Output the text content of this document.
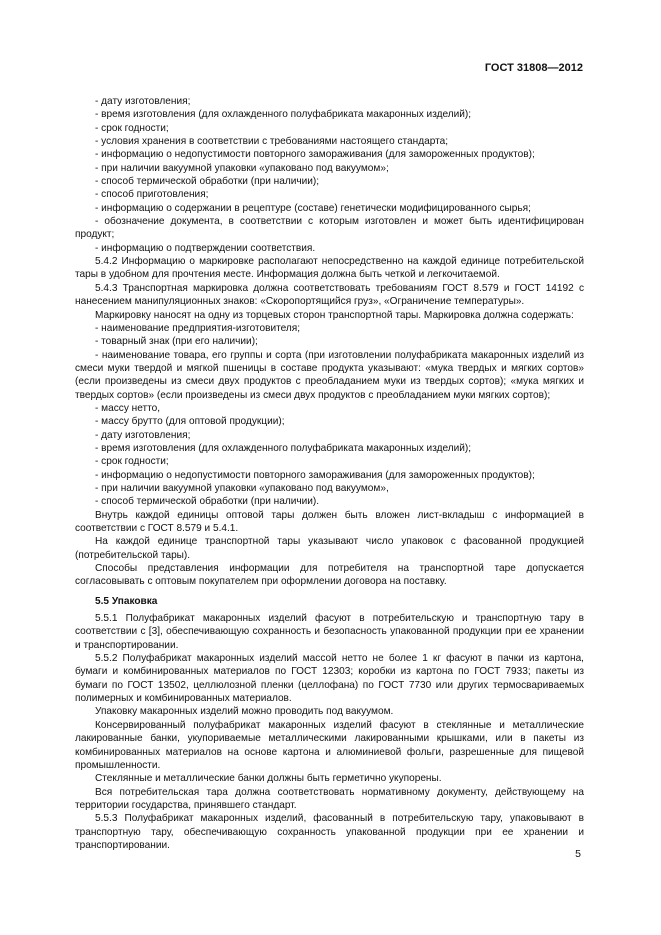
ГОСТ 31808—2012

- дату изготовления;

- время изготовления (для охлажденного полуфабриката макаронных изделий);

- срок годности;

- условия хранения в соответствии с требованиями настоящего стандарта;

- информацию о недопустимости повторного замораживания (для замороженных продуктов);

- при наличии вакуумной упаковки «упаковано под вакуумом»;

- способ термической обработки (при наличии);

- способ приготовления;

- информацию о содержании в рецептуре (составе) генетически модифицированного сырья;

- обозначение документа, в соответствии с которым изготовлен и может быть идентифицирован продукт;

- информацию о подтверждении соответствия.

5.4.2 Информацию о маркировке располагают непосредственно на каждой единице потребительской тары в удобном для прочтения месте. Информация должна быть четкой и легкочитаемой.

5.4.3 Транспортная маркировка должна соответствовать требованиям ГОСТ 8.579 и ГОСТ 14192 с нанесением манипуляционных знаков: «Скоропортящийся груз», «Ограничение температуры».

Маркировку наносят на одну из торцевых сторон транспортной тары. Маркировка должна содержать:

- наименование предприятия-изготовителя;

- товарный знак (при его наличии);

- наименование товара, его группы и сорта (при изготовлении полуфабриката макаронных изделий из смеси муки твердой и мягкой пшеницы в составе продукта указывают: «мука твердых и мягких сортов» (если произведены из смеси двух продуктов с преобладанием муки из твердых сортов); «мука мягких и твердых сортов» (если произведены из смеси двух продуктов с преобладанием муки мягких сортов);

- массу нетто,

- массу брутто (для оптовой продукции);

- дату изготовления;

- время изготовления (для охлажденного полуфабриката макаронных изделий);

- срок годности;

- информацию о недопустимости повторного замораживания (для замороженных продуктов);

- при наличии вакуумной упаковки «упаковано под вакуумом»,

- способ термической обработки (при наличии).

Внутрь каждой единицы оптовой тары должен быть вложен лист-вкладыш с информацией в соответствии с ГОСТ 8.579 и 5.4.1.

На каждой единице транспортной тары указывают число упаковок с фасованной продукцией (потребительской тары).

Способы представления информации для потребителя на транспортной таре допускается согласовывать с оптовым покупателем при оформлении договора на поставку.

5.5 Упаковка

5.5.1 Полуфабрикат макаронных изделий фасуют в потребительскую и транспортную тару в соответствии с [3], обеспечивающую сохранность и безопасность упакованной продукции при ее хранении и транспортировании.

5.5.2 Полуфабрикат макаронных изделий массой нетто не более 1 кг фасуют в пачки из картона, бумаги и комбинированных материалов по ГОСТ 12303; коробки из картона по ГОСТ 7933; пакеты из бумаги по ГОСТ 13502, целлюлозной пленки (целлофана) по ГОСТ 7730 или других термосвариваемых полимерных и комбинированных материалов.

Упаковку макаронных изделий можно проводить под вакуумом.

Консервированный полуфабрикат макаронных изделий фасуют в стеклянные и металлические лакированные банки, укупориваемые металлическими лакированными крышками, или в пакеты из комбинированных материалов на основе картона и алюминиевой фольги, разрешенные для пищевой промышленности.

Стеклянные и металлические банки должны быть герметично укупорены.

Вся потребительская тара должна соответствовать нормативному документу, действующему на территории государства, принявшего стандарт.

5.5.3 Полуфабрикат макаронных изделий, фасованный в потребительскую тару, упаковывают в транспортную тару, обеспечивающую сохранность упакованной продукции при ее хранении и транспортировании.

5
